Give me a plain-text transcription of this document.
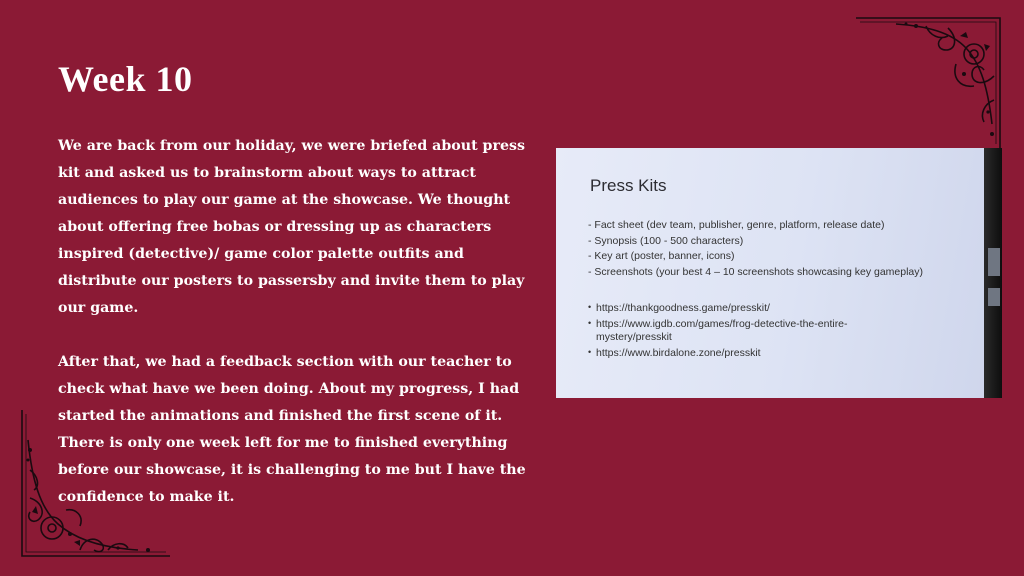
Week 10

We are back from our holiday, we were briefed about press kit and asked us to brainstorm about ways to attract audiences to play our game at the showcase. We thought about offering free bobas or dressing up as characters inspired (detective)/ game color palette outfits and distribute our posters to passersby and invite them to play our game.

After that, we had a feedback section with our teacher to check what have we been doing. About my progress, I had started the animations and finished the first scene of it. There is only one week left for me to finished everything before our showcase, it is challenging to me but I have the confidence to make it.

Press Kits
- Fact sheet (dev team, publisher, genre, platform, release date)
- Synopsis (100 - 500 characters)
- Key art (poster, banner, icons)
- Screenshots (your best 4 – 10 screenshots showcasing key gameplay)
• https://thankgoodness.game/presskit/
• https://www.igdb.com/games/frog-detective-the-entire-mystery/presskit
• https://www.birdalone.zone/presskit
